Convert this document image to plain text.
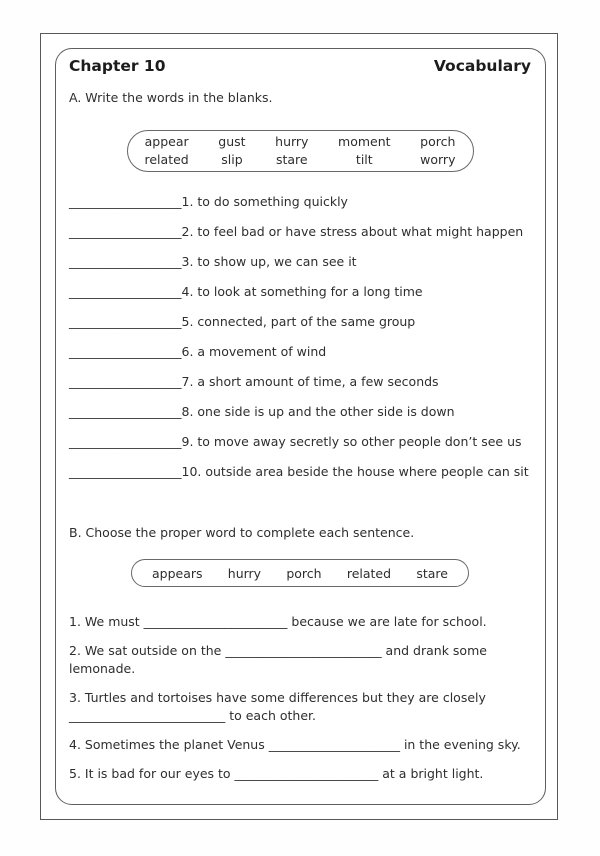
Chapter 10	Vocabulary
A. Write the words in the blanks.
appear
related
gust
slip
hurry
stare
moment
tilt
porch
worry
__________________1. to do something quickly
__________________2. to feel bad or have stress about what might happen
__________________3. to show up, we can see it
__________________4. to look at something for a long time
__________________5. connected, part of the same group
__________________6. a movement of wind
__________________7. a short amount of time, a few seconds
__________________8. one side is up and the other side is down
__________________9. to move away secretly so other people don’t see us
__________________10. outside area beside the house where people can sit
B. Choose the proper word to complete each sentence.
appears hurry porch related stare
1. We must _______________________ because we are late for school.
2. We sat outside on the _________________________ and drank some
lemonade.
3. Turtles and tortoises have some differences but they are closely
_________________________ to each other.
4. Sometimes the planet Venus _____________________ in the evening sky.
5. It is bad for our eyes to _______________________ at a bright light.
